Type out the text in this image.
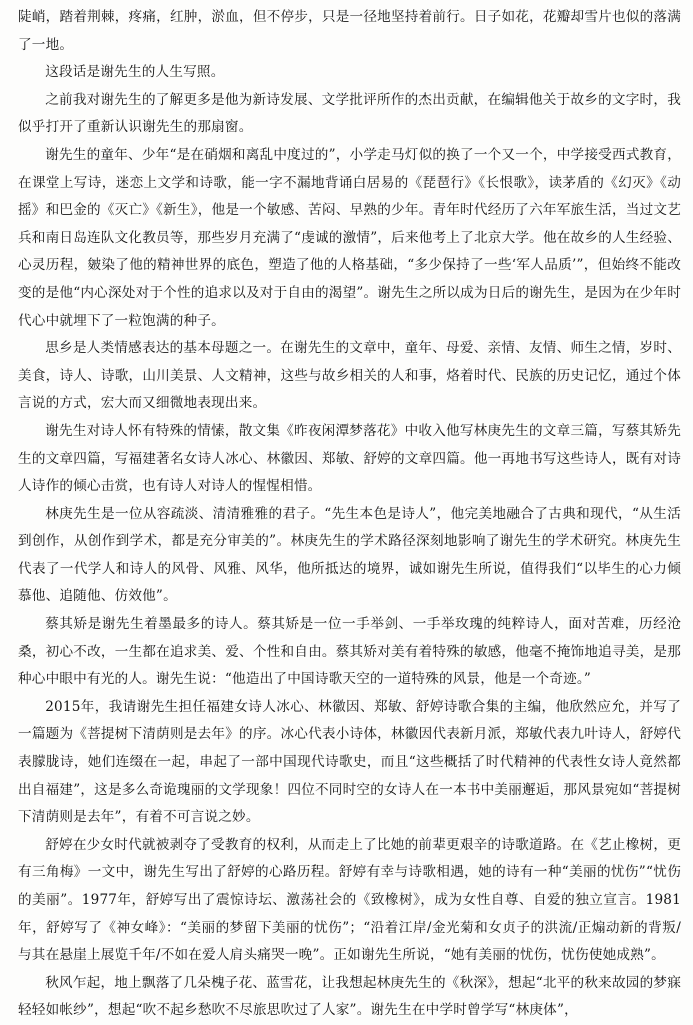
陡峭，踏着荆棘，疼痛，红肿，淤血，但不停步，只是一径地坚持着前行。日子如花，花瓣却雪片也似的落满了一地。

这段话是谢先生的人生写照。

之前我对谢先生的了解更多是他为新诗发展、文学批评所作的杰出贡献，在编辑他关于故乡的文字时，我似乎打开了重新认识谢先生的那扇窗。

谢先生的童年、少年“是在硝烟和离乱中度过的”，小学走马灯似的换了一个又一个，中学接受西式教育，在课堂上写诗，迷恋上文学和诗歌，能一字不漏地背诵白居易的《琵琶行》《长恨歌》，读茅盾的《幻灭》《动摇》和巴金的《灭亡》《新生》，他是一个敏感、苦闷、早熟的少年。青年时代经历了六年军旅生活，当过文艺兵和南日岛连队文化教员等，那些岁月充满了“虔诚的激情”，后来他考上了北京大学。他在故乡的人生经验、心灵历程，皴染了他的精神世界的底色，塑造了他的人格基础，“多少保持了一些‘军人品质’”，但始终不能改变的是他“内心深处对于个性的追求以及对于自由的渴望”。谢先生之所以成为日后的谢先生，是因为在少年时代心中就埋下了一粒饱满的种子。

思乡是人类情感表达的基本母题之一。在谢先生的文章中，童年、母爱、亲情、友情、师生之情，岁时、美食，诗人、诗歌，山川美景、人文精神，这些与故乡相关的人和事，烙着时代、民族的历史记忆，通过个体言说的方式，宏大而又细微地表现出来。

谢先生对诗人怀有特殊的情愫，散文集《昨夜闲潭梦落花》中收入他写林庚先生的文章三篇，写蔡其矫先生的文章四篇，写福建著名女诗人冰心、林徽因、郑敏、舒婷的文章四篇。他一再地书写这些诗人，既有对诗人诗作的倾心击赏，也有诗人对诗人的惺惺相惜。

林庚先生是一位从容疏淡、清清雅雅的君子。“先生本色是诗人”，他完美地融合了古典和现代，“从生活到创作，从创作到学术，都是充分审美的”。林庚先生的学术路径深刻地影响了谢先生的学术研究。林庚先生代表了一代学人和诗人的风骨、风雅、风华，他所抵达的境界，诚如谢先生所说，值得我们“以毕生的心力倾慕他、追随他、仿效他”。

蔡其矫是谢先生着墨最多的诗人。蔡其矫是一位一手举剑、一手举玫瑰的纯粹诗人，面对苦难，历经沧桑，初心不改，一生都在追求美、爱、个性和自由。蔡其矫对美有着特殊的敏感，他毫不掩饰地追寻美，是那种心中眼中有光的人。谢先生说：“他造出了中国诗歌天空的一道特殊的风景，他是一个奇迹。”

2015年，我请谢先生担任福建女诗人冰心、林徽因、郑敏、舒婷诗歌合集的主编，他欣然应允，并写了一篇题为《菩提树下清荫则是去年》的序。冰心代表小诗体，林徽因代表新月派，郑敏代表九叶诗人，舒婷代表朦胧诗，她们连缀在一起，串起了一部中国现代诗歌史，而且“这些概括了时代精神的代表性女诗人竟然都出自福建”，这是多么奇诡瑰丽的文学现象！四位不同时空的女诗人在一本书中美丽邂逅，那风景宛如“菩提树下清荫则是去年”，有着不可言说之妙。

舒婷在少女时代就被剥夺了受教育的权利，从而走上了比她的前辈更艰辛的诗歌道路。在《艺止橡树，更有三角梅》一文中，谢先生写出了舒婷的心路历程。舒婷有幸与诗歌相遇，她的诗有一种“美丽的忧伤”“忧伤的美丽”。1977年，舒婷写出了震惊诗坛、激荡社会的《致橡树》，成为女性自尊、自爱的独立宣言。1981年，舒婷写了《神女峰》：“美丽的梦留下美丽的忧伤”；“沿着江岸/金光菊和女贞子的洪流/正煽动新的背叛/与其在悬崖上展览千年/不如在爱人肩头痛哭一晚”。正如谢先生所说，“她有美丽的忧伤，忧伤使她成熟”。

秋风乍起，地上飘落了几朵槐子花、蓝雪花，让我想起林庚先生的《秋深》，想起“北平的秋来故园的梦寐轻轻如帐纱”，想起“吹不起乡愁吹不尽旅思吹过了人家”。谢先生在中学时曾学写“林庚体”，
